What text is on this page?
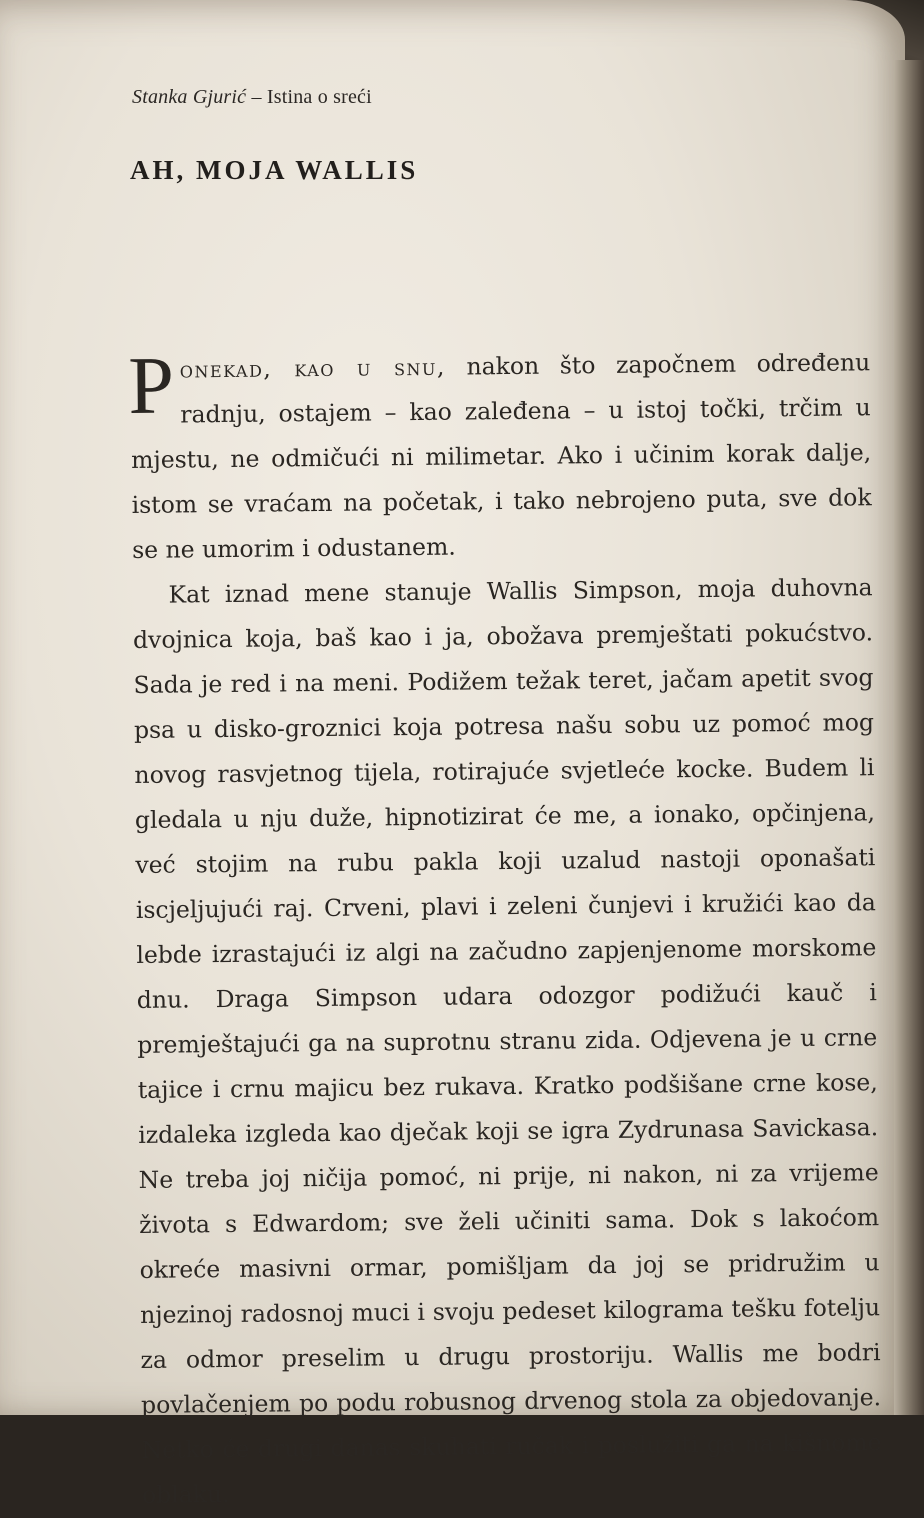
Stanka Gjurić – Istina o sreći
AH, MOJA WALLIS

Ponekad, kao u snu, nakon što započnem određenu radnju, ostajem – kao zaleđena – u istoj točki, trčim u mjestu, ne odmičući ni milimetar. Ako i učinim korak dalje, istom se vraćam na početak, i tako nebrojeno puta, sve dok se ne umorim i odustanem.

Kat iznad mene stanuje Wallis Simpson, moja duhovna dvojnica koja, baš kao i ja, obožava premještati pokućstvo. Sada je red i na meni. Podižem težak teret, jačam apetit svog psa u disko-groznici koja potresa našu sobu uz pomoć mog novog rasvjetnog tijela, rotirajuće svjetleće kocke. Budem li gledala u nju duže, hipnotizirat će me, a ionako, opčinjena, već stojim na rubu pakla koji uzalud nastoji oponašati iscjeljujući raj. Crveni, plavi i zeleni čunjevi i kružići kao da lebde izrastajući iz algi na začudno zapjenjenome morskome dnu. Draga Simpson udara odozgor podižući kauč i premještajući ga na suprotnu stranu zida. Odjevena je u crne tajice i crnu majicu bez rukava. Kratko podšišane crne kose, izdaleka izgleda kao dječak koji se igra Zydrunasa Savickasa. Ne treba joj ničija pomoć, ni prije, ni nakon, ni za vrijeme života s Edwardom; sve želi učiniti sama. Dok s lakoćom okreće masivni ormar, pomišljam da joj se pridružim u njezinoj radosnoj muci i svoju pedeset kilograma tešku fotelju za odmor preselim u drugu prostoriju. Wallis me bodri povlačenjem po podu robusnog drvenog stola za objedovanje. Netko će drugi danas skuhati ručak i poslužiti ga na kišnome oblaku.
